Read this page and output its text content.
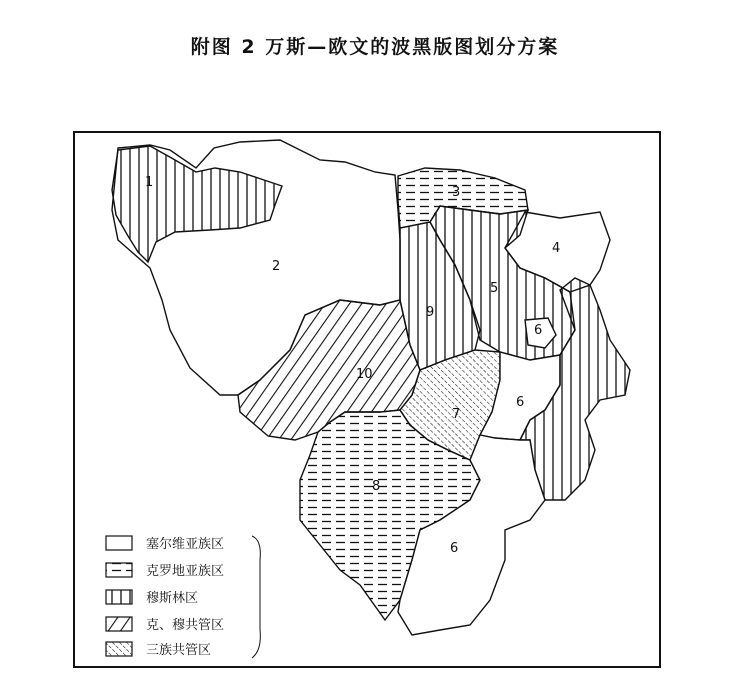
附图 2 万斯—欧文的波黑版图划分方案
1
2
3
4
5
6
6
6
7
8
9
10
塞尔维亚族区
克罗地亚族区
穆斯林区
克、穆共管区
三族共管区
